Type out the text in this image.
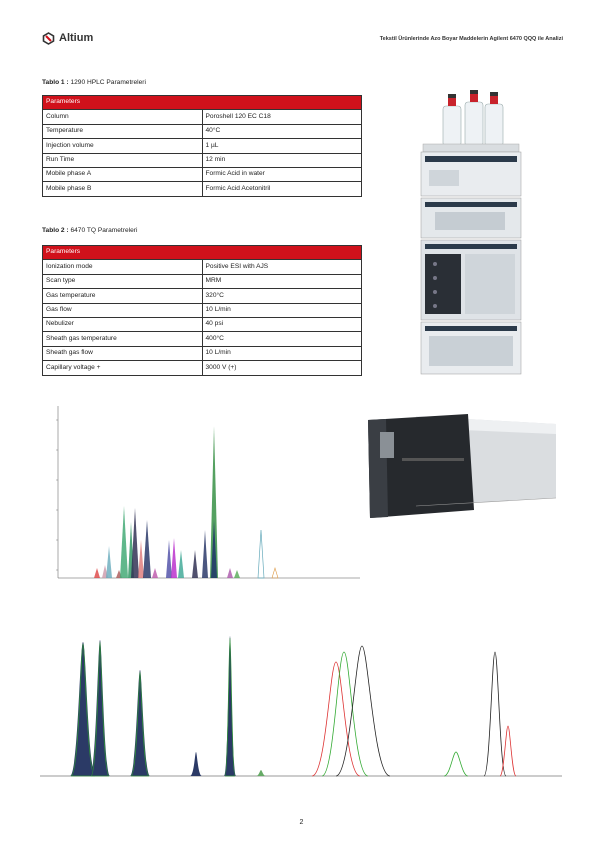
Altium	Tekstil Ürünlerinde Azo Boyar Maddelerin Agilent 6470 QQQ ile Analizi
Tablo 1 : 1290 HPLC Parametreleri
Parameters	
Column	Poroshell 120 EC C18
Temperature	40°C
Injection volume	1 µL
Run Time	12 min
Mobile phase A	Formic Acid in water
Mobile phase B	Formic Acid Acetonitril
Tablo 2 : 6470 TQ Parametreleri
Parameters	
Ionization mode	Positive ESI with AJS
Scan type	MRM
Gas temperature	320°C
Gas flow	10 L/min
Nebulizer	40 psi
Sheath gas temperature	400°C
Sheath gas flow	10 L/min
Capillary voltage +	3000 V (+)
2
